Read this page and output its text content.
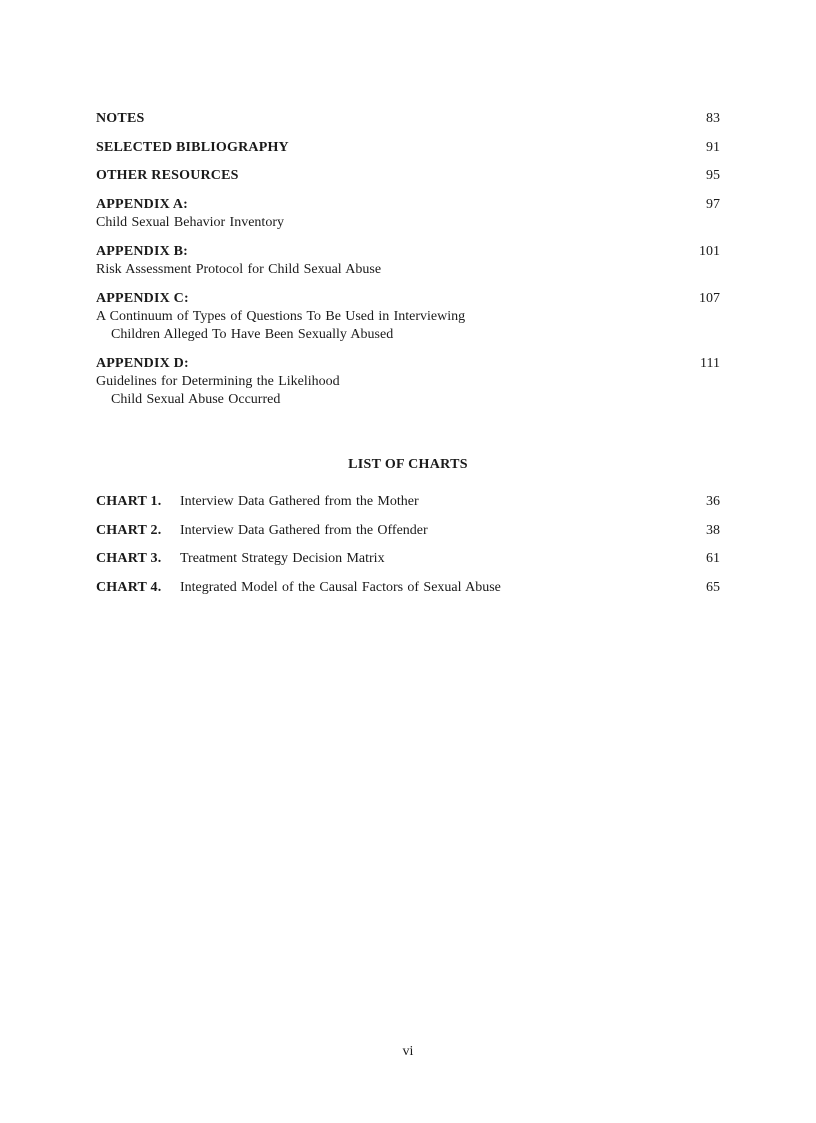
NOTES	83
SELECTED BIBLIOGRAPHY	91
OTHER RESOURCES	95
APPENDIX A:	97
Child Sexual Behavior Inventory
APPENDIX B:	101
Risk Assessment Protocol for Child Sexual Abuse
APPENDIX C:	107
A Continuum of Types of Questions To Be Used in Interviewing
Children Alleged To Have Been Sexually Abused
APPENDIX D:	111
Guidelines for Determining the Likelihood
Child Sexual Abuse Occurred
LIST OF CHARTS
CHART 1.	Interview Data Gathered from the Mother	36
CHART 2.	Interview Data Gathered from the Offender	38
CHART 3.	Treatment Strategy Decision Matrix	61
CHART 4.	Integrated Model of the Causal Factors of Sexual Abuse	65
vi
